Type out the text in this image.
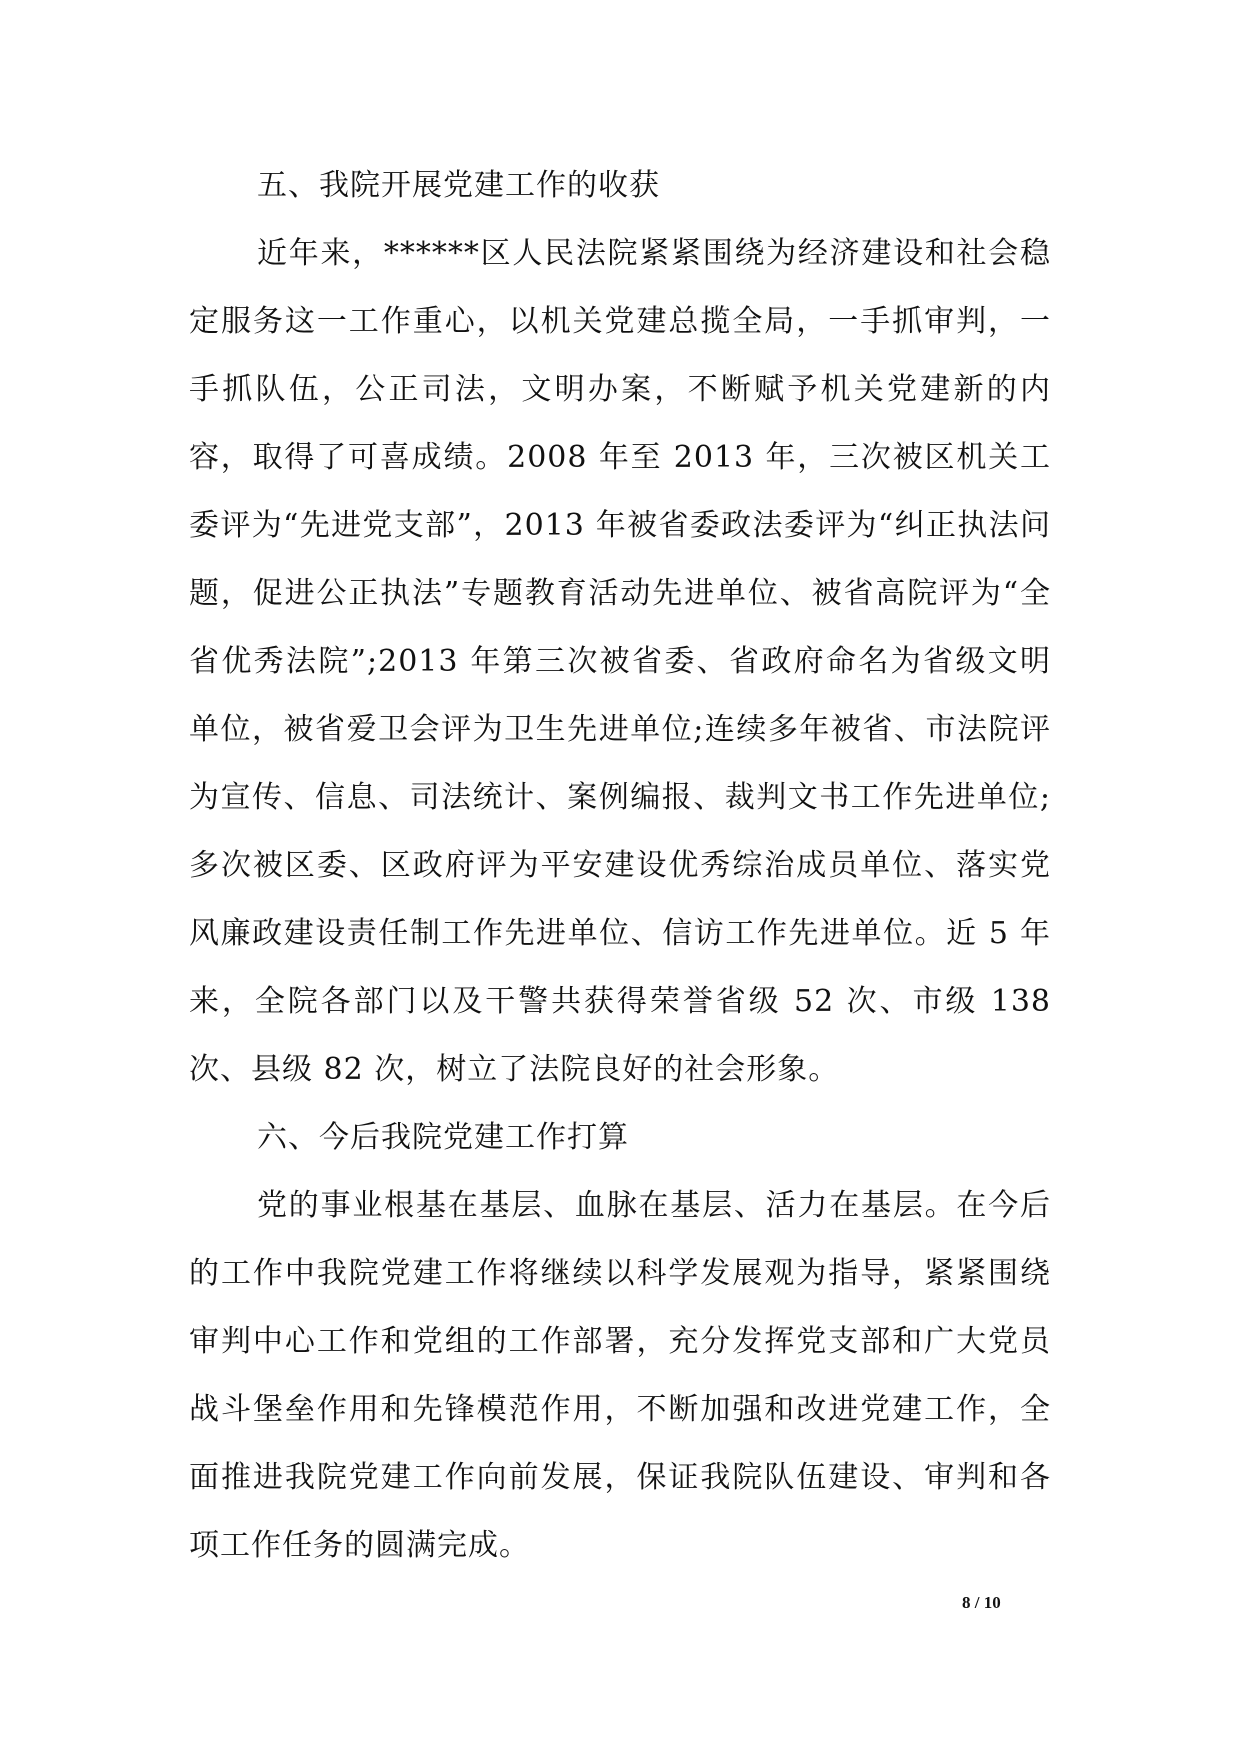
五、我院开展党建工作的收获

近年来，******区人民法院紧紧围绕为经济建设和社会稳定服务这一工作重心，以机关党建总揽全局，一手抓审判，一手抓队伍，公正司法，文明办案，不断赋予机关党建新的内容，取得了可喜成绩。2008 年至 2013 年，三次被区机关工委评为“先进党支部”，2013 年被省委政法委评为“纠正执法问题，促进公正执法”专题教育活动先进单位、被省高院评为“全省优秀法院”;2013 年第三次被省委、省政府命名为省级文明单位，被省爱卫会评为卫生先进单位;连续多年被省、市法院评为宣传、信息、司法统计、案例编报、裁判文书工作先进单位;多次被区委、区政府评为平安建设优秀综治成员单位、落实党风廉政建设责任制工作先进单位、信访工作先进单位。近 5 年来，全院各部门以及干警共获得荣誉省级 52 次、市级 138 次、县级 82 次，树立了法院良好的社会形象。

六、今后我院党建工作打算

党的事业根基在基层、血脉在基层、活力在基层。在今后的工作中我院党建工作将继续以科学发展观为指导，紧紧围绕审判中心工作和党组的工作部署，充分发挥党支部和广大党员战斗堡垒作用和先锋模范作用，不断加强和改进党建工作，全面推进我院党建工作向前发展，保证我院队伍建设、审判和各项工作任务的圆满完成。

8 / 10
